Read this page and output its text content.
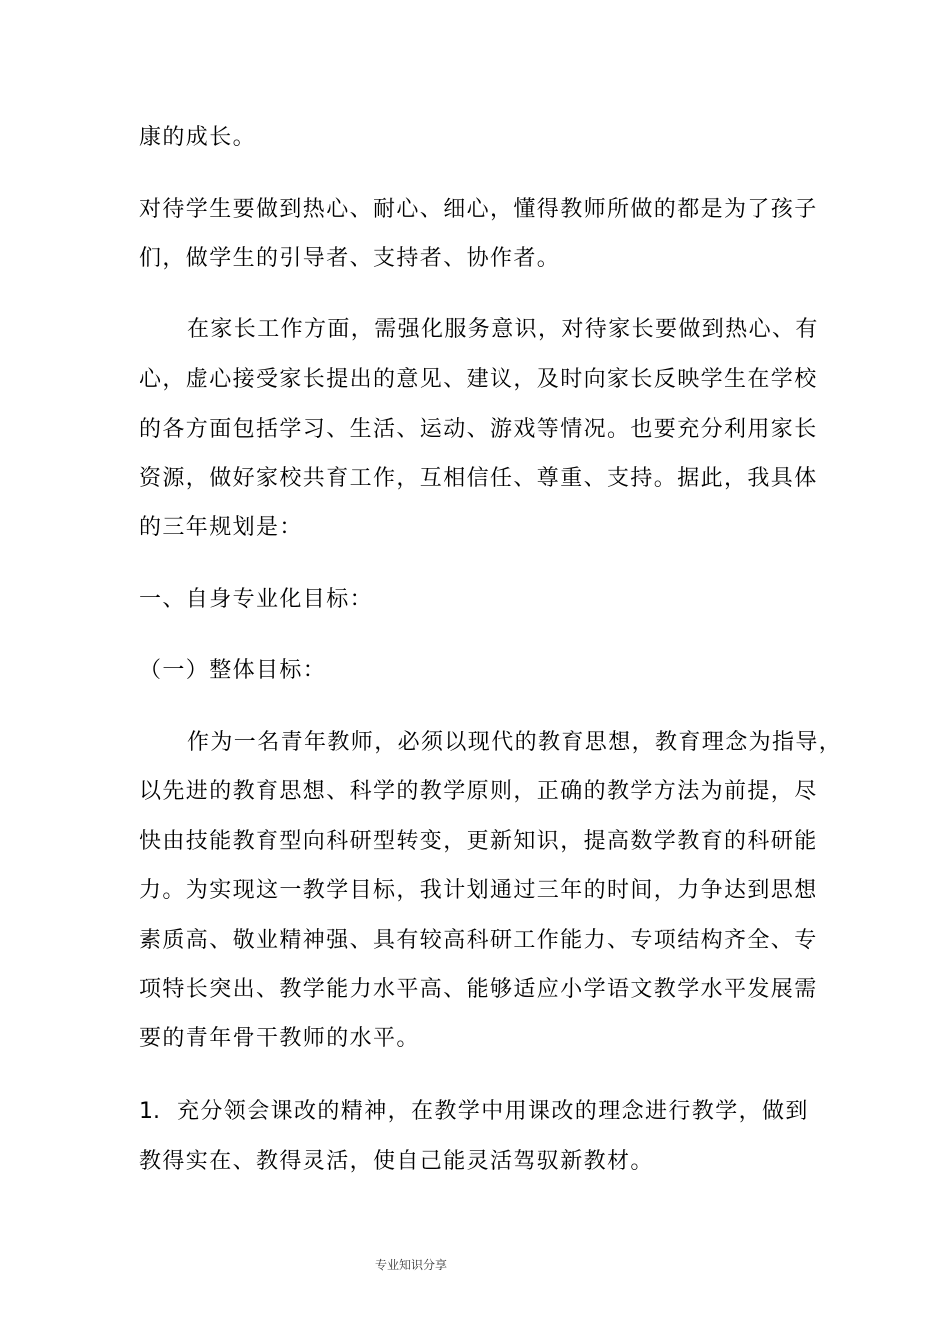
康的成长。
对待学生要做到热心、耐心、细心，懂得教师所做的都是为了孩子
们，做学生的引导者、支持者、协作者。
在家长工作方面，需强化服务意识，对待家长要做到热心、有
心，虚心接受家长提出的意见、建议，及时向家长反映学生在学校
的各方面包括学习、生活、运动、游戏等情况。也要充分利用家长
资源，做好家校共育工作，互相信任、尊重、支持。据此，我具体
的三年规划是：
一、自身专业化目标：
（一）整体目标：
作为一名青年教师，必须以现代的教育思想，教育理念为指导，
以先进的教育思想、科学的教学原则，正确的教学方法为前提，尽
快由技能教育型向科研型转变，更新知识，提高数学教育的科研能
力。为实现这一教学目标，我计划通过三年的时间，力争达到思想
素质高、敬业精神强、具有较高科研工作能力、专项结构齐全、专
项特长突出、教学能力水平高、能够适应小学语文教学水平发展需
要的青年骨干教师的水平。
1. 充分领会课改的精神，在教学中用课改的理念进行教学，做到
教得实在、教得灵活，使自己能灵活驾驭新教材。
专业知识分享
